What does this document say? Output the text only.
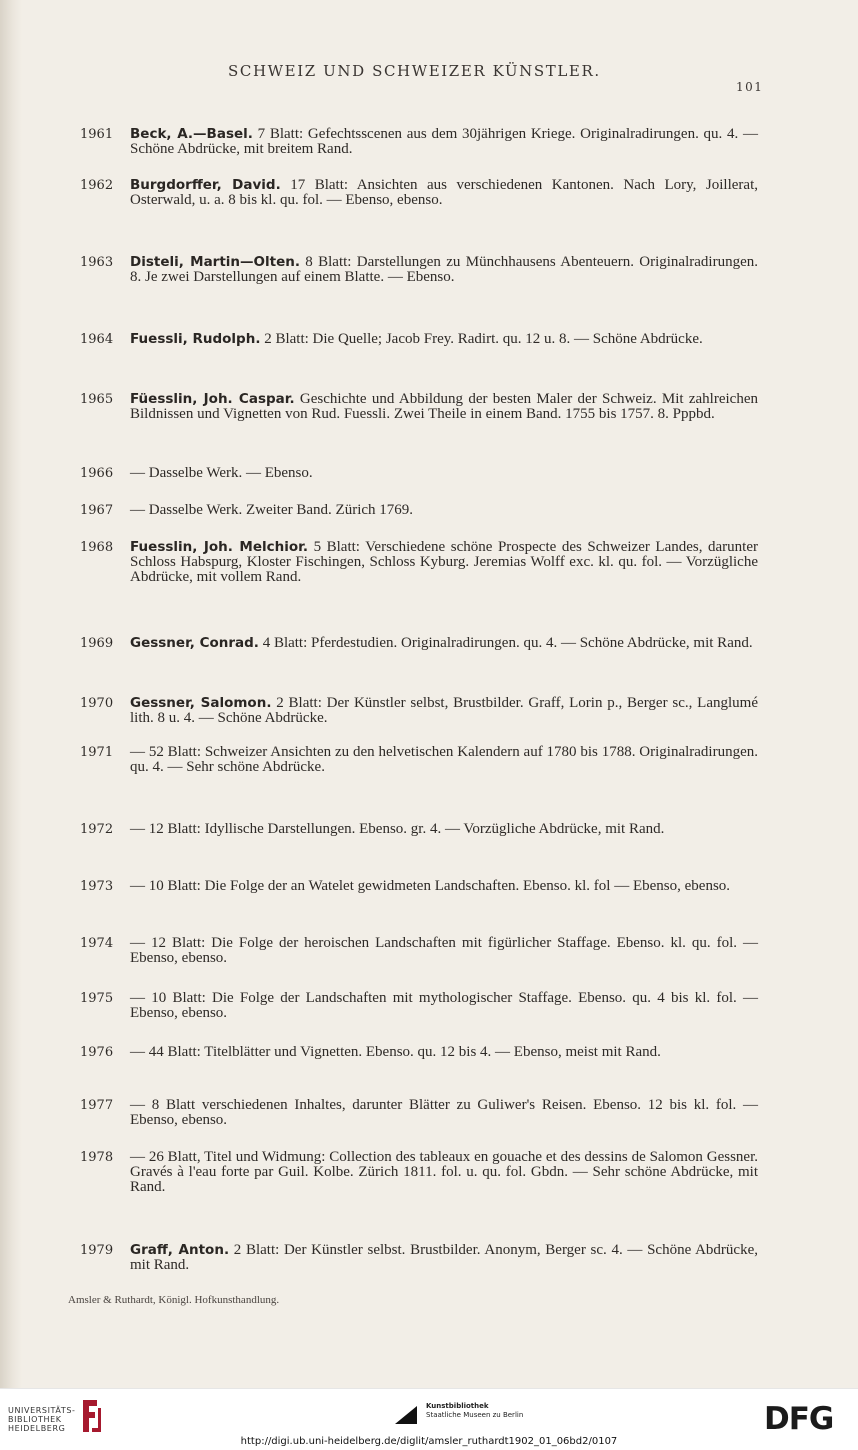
SCHWEIZ UND SCHWEIZER KÜNSTLER.
101
1961 Beck, A.—Basel. 7 Blatt: Gefechtsscenen aus dem 30jährigen Kriege. Originalradirungen. qu. 4. — Schöne Abdrücke, mit breitem Rand.
1962 Burgdorffer, David. 17 Blatt: Ansichten aus verschiedenen Kantonen. Nach Lory, Joillerat, Osterwald, u. a. 8 bis kl. qu. fol. — Ebenso, ebenso.
1963 Disteli, Martin—Olten. 8 Blatt: Darstellungen zu Münchhausens Abenteuern. Originalradirungen. 8. Je zwei Darstellungen auf einem Blatte. — Ebenso.
1964 Fuessli, Rudolph. 2 Blatt: Die Quelle; Jacob Frey. Radirt. qu. 12 u. 8. — Schöne Abdrücke.
1965 Füesslin, Joh. Caspar. Geschichte und Abbildung der besten Maler der Schweiz. Mit zahlreichen Bildnissen und Vignetten von Rud. Fuessli. Zwei Theile in einem Band. 1755 bis 1757. 8. Pppbd.
1966 — Dasselbe Werk. — Ebenso.
1967 — Dasselbe Werk. Zweiter Band. Zürich 1769.
1968 Fuesslin, Joh. Melchior. 5 Blatt: Verschiedene schöne Prospecte des Schweizer Landes, darunter Schloss Habspurg, Kloster Fischingen, Schloss Kyburg. Jeremias Wolff exc. kl. qu. fol. — Vorzügliche Abdrücke, mit vollem Rand.
1969 Gessner, Conrad. 4 Blatt: Pferdestudien. Originalradirungen. qu. 4. — Schöne Abdrücke, mit Rand.
1970 Gessner, Salomon. 2 Blatt: Der Künstler selbst, Brustbilder. Graff, Lorin p., Berger sc., Langlumé lith. 8 u. 4. — Schöne Abdrücke.
1971 — 52 Blatt: Schweizer Ansichten zu den helvetischen Kalendern auf 1780 bis 1788. Originalradirungen. qu. 4. — Sehr schöne Abdrücke.
1972 — 12 Blatt: Idyllische Darstellungen. Ebenso. gr. 4. — Vorzügliche Abdrücke, mit Rand.
1973 — 10 Blatt: Die Folge der an Watelet gewidmeten Landschaften. Ebenso. kl. fol — Ebenso, ebenso.
1974 — 12 Blatt: Die Folge der heroischen Landschaften mit figürlicher Staffage. Ebenso. kl. qu. fol. — Ebenso, ebenso.
1975 — 10 Blatt: Die Folge der Landschaften mit mythologischer Staffage. Ebenso. qu. 4 bis kl. fol. — Ebenso, ebenso.
1976 — 44 Blatt: Titelblätter und Vignetten. Ebenso. qu. 12 bis 4. — Ebenso, meist mit Rand.
1977 — 8 Blatt verschiedenen Inhaltes, darunter Blätter zu Guliwer's Reisen. Ebenso. 12 bis kl. fol. — Ebenso, ebenso.
1978 — 26 Blatt, Titel und Widmung: Collection des tableaux en gouache et des dessins de Salomon Gessner. Gravés à l'eau forte par Guil. Kolbe. Zürich 1811. fol. u. qu. fol. Gbdn. — Sehr schöne Abdrücke, mit Rand.
1979 Graff, Anton. 2 Blatt: Der Künstler selbst. Brustbilder. Anonym, Berger sc. 4. — Schöne Abdrücke, mit Rand.
Amsler & Ruthardt, Königl. Hofkunsthandlung.
UNIVERSITÄTS-
BIBLIOTHEK
HEIDELBERG
Kunstbibliothek
Staatliche Museen zu Berlin	DFG
http://digi.ub.uni-heidelberg.de/diglit/amsler_ruthardt1902_01_06bd2/0107
